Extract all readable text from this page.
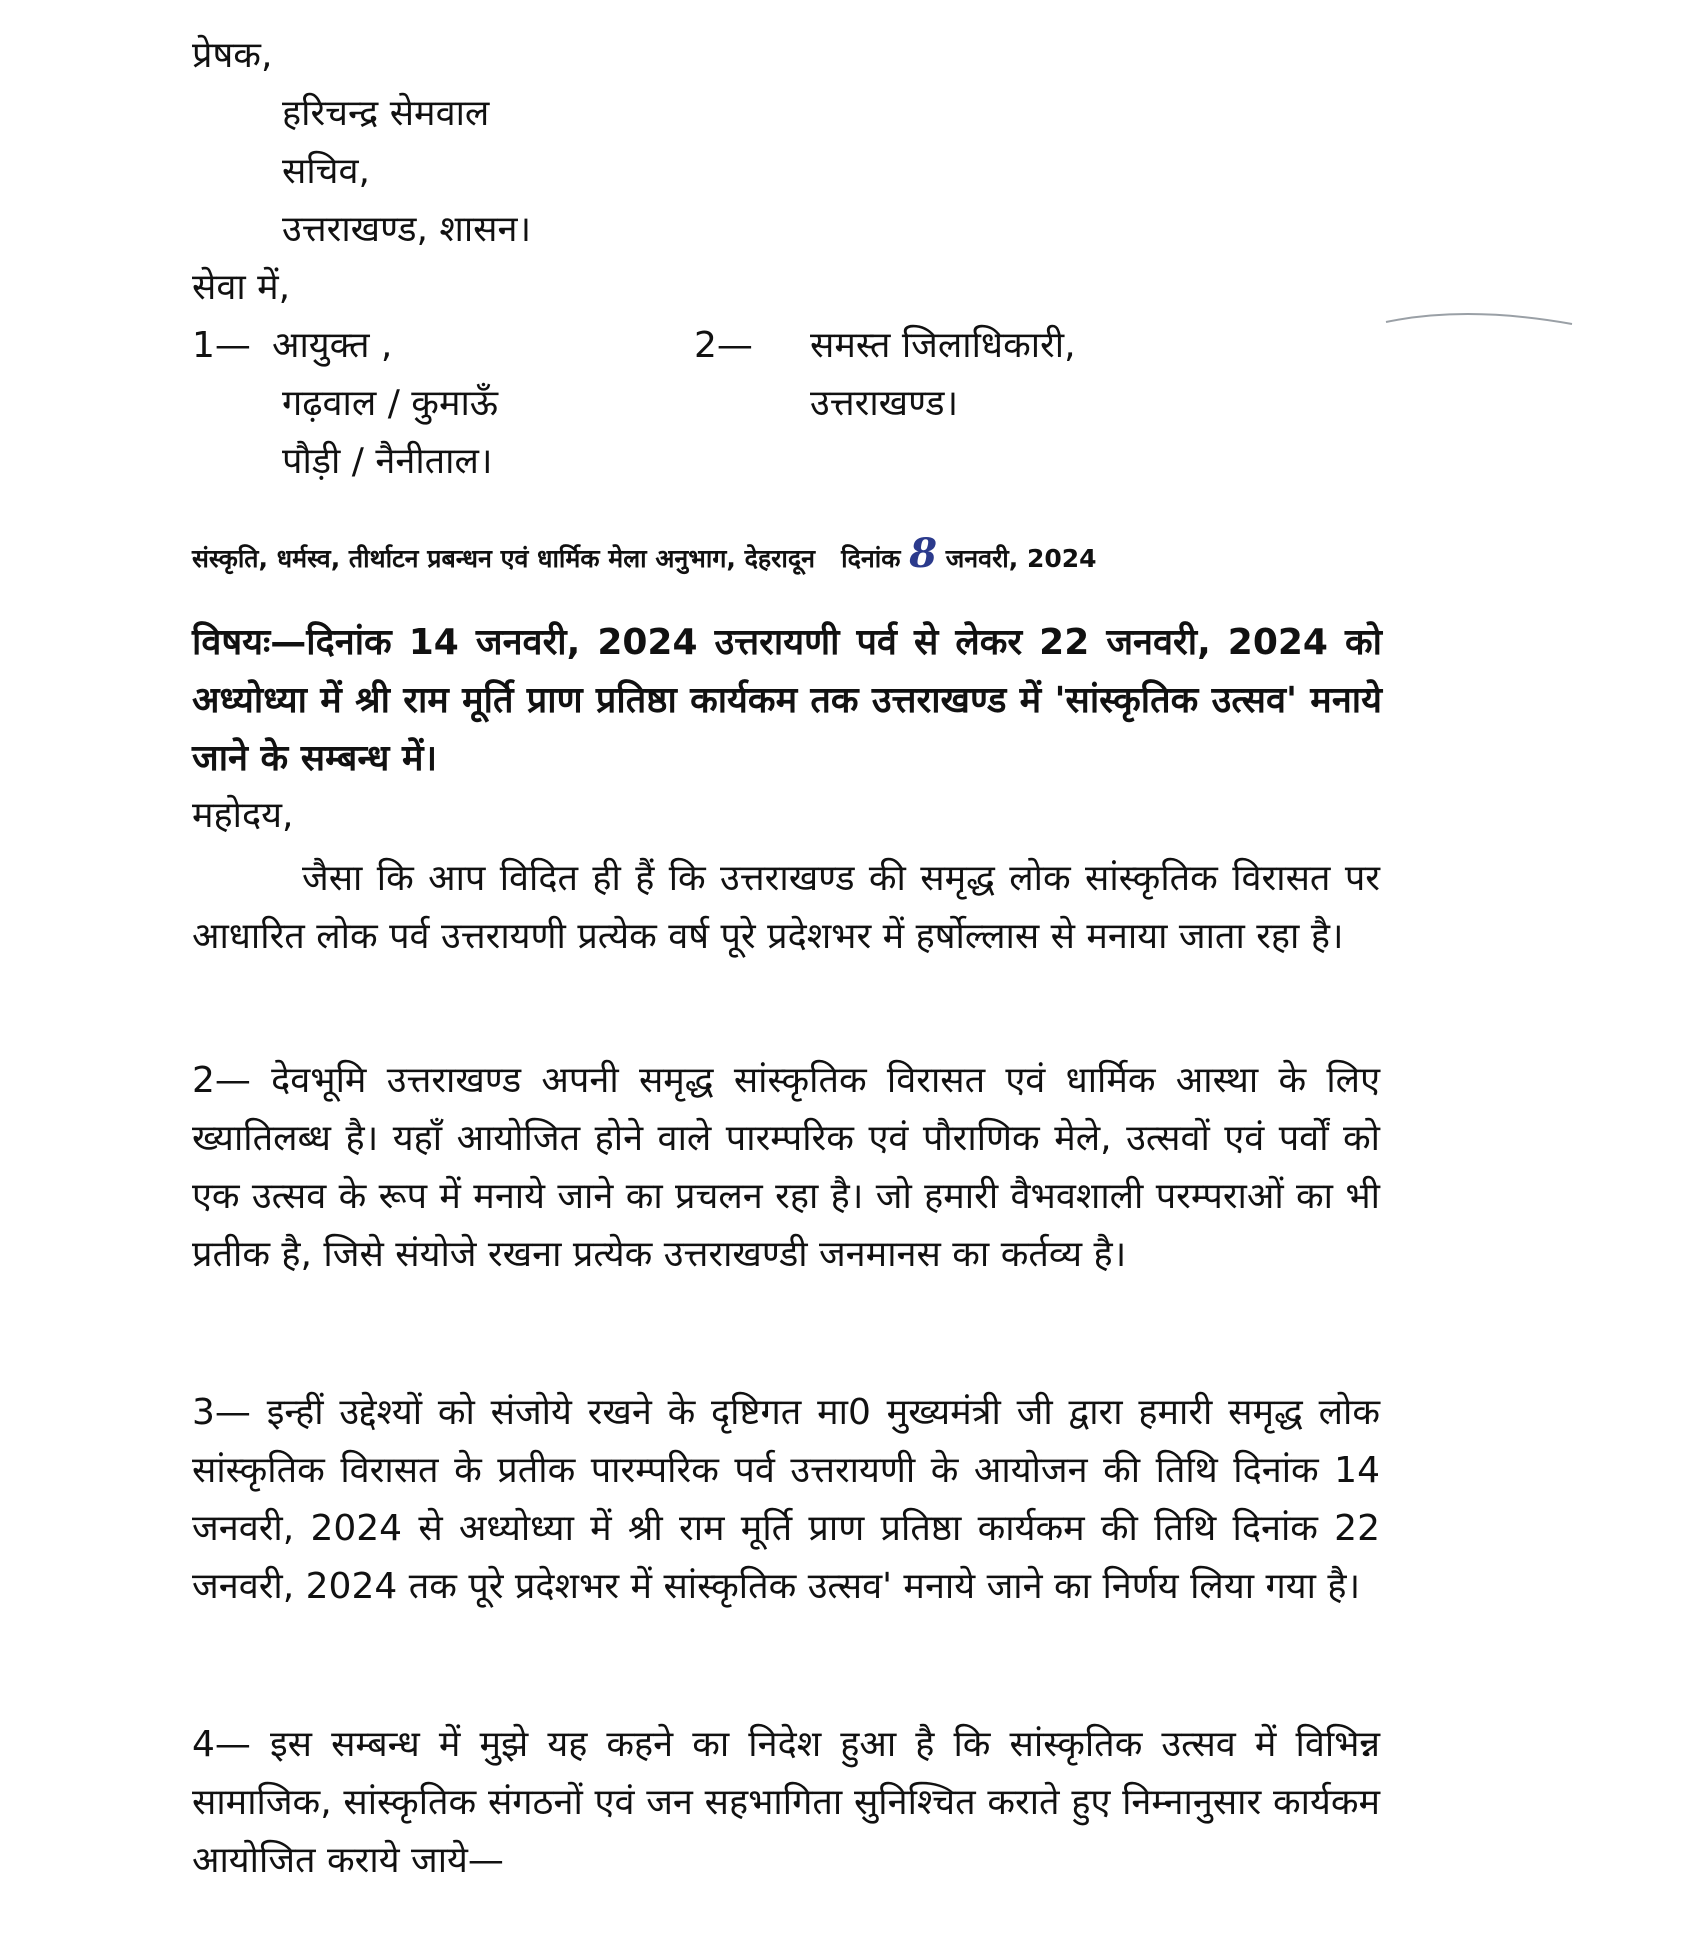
प्रेषक,
हरिचन्द्र सेमवाल
सचिव,
उत्तराखण्ड, शासन।
सेवा में,
1— आयुक्त ,
गढ़वाल / कुमाऊँ
पौड़ी / नैनीताल।
2— समस्त जिलाधिकारी,
उत्तराखण्ड।
संस्कृति, धर्मस्व, तीर्थाटन प्रबन्धन एवं धार्मिक मेला अनुभाग, देहरादून दिनांक 8 जनवरी, 2024
विषयः—दिनांक 14 जनवरी, 2024 उत्तरायणी पर्व से लेकर 22 जनवरी, 2024 को अध्योध्या में श्री राम मूर्ति प्राण प्रतिष्ठा कार्यकम तक उत्तराखण्ड में 'सांस्कृतिक उत्सव' मनाये जाने के सम्बन्ध में।
महोदय,
जैसा कि आप विदित ही हैं कि उत्तराखण्ड की समृद्ध लोक सांस्कृतिक विरासत पर आधारित लोक पर्व उत्तरायणी प्रत्येक वर्ष पूरे प्रदेशभर में हर्षोल्लास से मनाया जाता रहा है।
2— देवभूमि उत्तराखण्ड अपनी समृद्ध सांस्कृतिक विरासत एवं धार्मिक आस्था के लिए ख्यातिलब्ध है। यहाँ आयोजित होने वाले पारम्परिक एवं पौराणिक मेले, उत्सवों एवं पर्वों को एक उत्सव के रूप में मनाये जाने का प्रचलन रहा है। जो हमारी वैभवशाली परम्पराओं का भी प्रतीक है, जिसे संयोजे रखना प्रत्येक उत्तराखण्डी जनमानस का कर्तव्य है।
3— इन्हीं उद्देश्यों को संजोये रखने के दृष्टिगत मा0 मुख्यमंत्री जी द्वारा हमारी समृद्ध लोक सांस्कृतिक विरासत के प्रतीक पारम्परिक पर्व उत्तरायणी के आयोजन की तिथि दिनांक 14 जनवरी, 2024 से अध्योध्या में श्री राम मूर्ति प्राण प्रतिष्ठा कार्यकम की तिथि दिनांक 22 जनवरी, 2024 तक पूरे प्रदेशभर में सांस्कृतिक उत्सव' मनाये जाने का निर्णय लिया गया है।
4— इस सम्बन्ध में मुझे यह कहने का निदेश हुआ है कि सांस्कृतिक उत्सव में विभिन्न सामाजिक, सांस्कृतिक संगठनों एवं जन सहभागिता सुनिश्चित कराते हुए निम्नानुसार कार्यकम आयोजित कराये जाये—
